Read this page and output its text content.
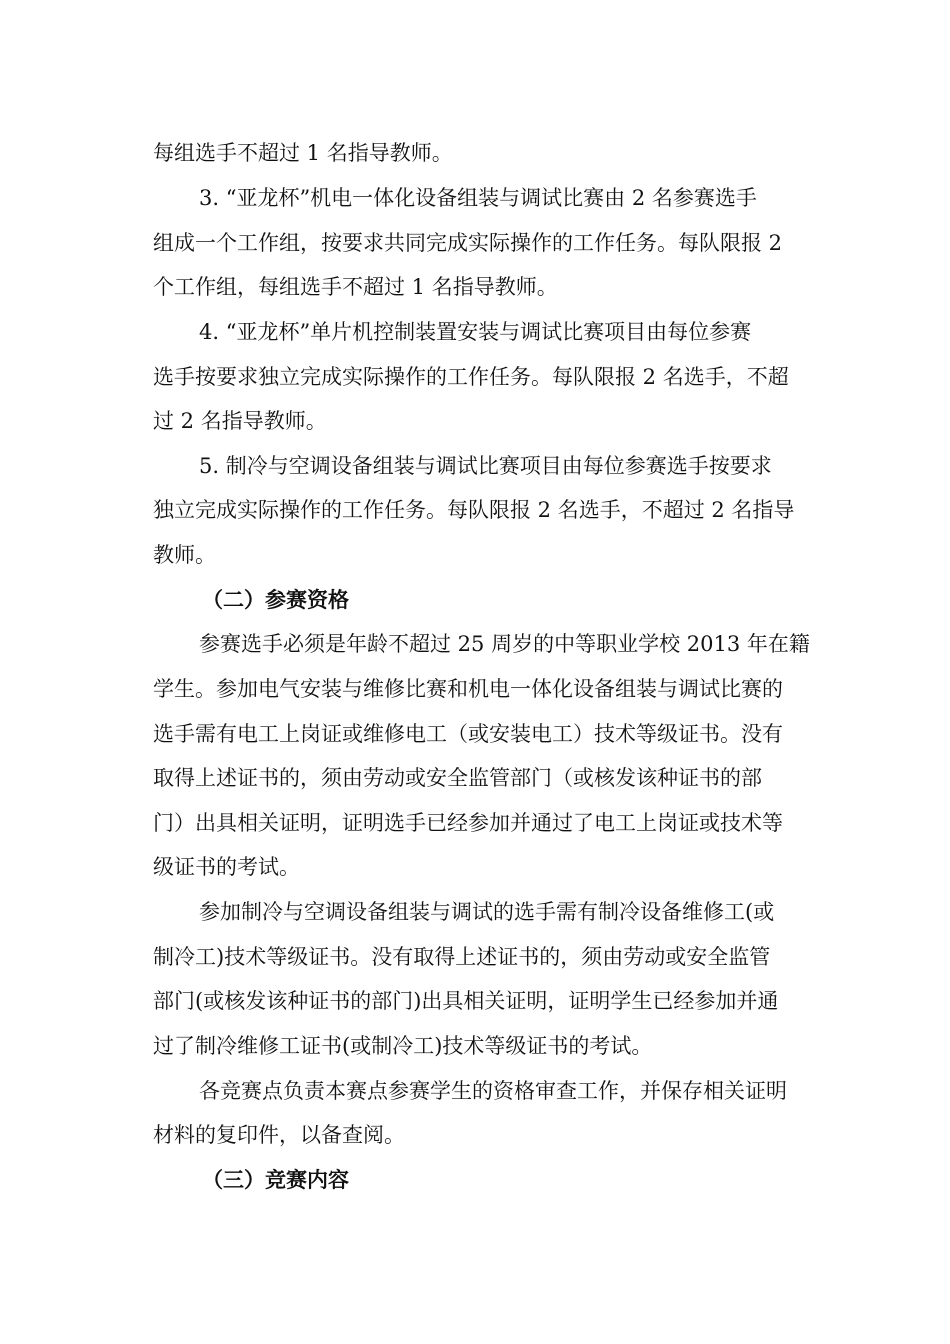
每组选手不超过 1 名指导教师。
3. “亚龙杯”机电一体化设备组装与调试比赛由 2 名参赛选手
组成一个工作组，按要求共同完成实际操作的工作任务。每队限报 2
个工作组，每组选手不超过 1 名指导教师。
4. “亚龙杯”单片机控制装置安装与调试比赛项目由每位参赛
选手按要求独立完成实际操作的工作任务。每队限报 2 名选手，不超
过 2 名指导教师。
5. 制冷与空调设备组装与调试比赛项目由每位参赛选手按要求
独立完成实际操作的工作任务。每队限报 2 名选手，不超过 2 名指导
教师。
（二）参赛资格
参赛选手必须是年龄不超过 25 周岁的中等职业学校 2013 年在籍
学生。参加电气安装与维修比赛和机电一体化设备组装与调试比赛的
选手需有电工上岗证或维修电工（或安装电工）技术等级证书。没有
取得上述证书的，须由劳动或安全监管部门（或核发该种证书的部
门）出具相关证明，证明选手已经参加并通过了电工上岗证或技术等
级证书的考试。
参加制冷与空调设备组装与调试的选手需有制冷设备维修工(或
制冷工)技术等级证书。没有取得上述证书的，须由劳动或安全监管
部门(或核发该种证书的部门)出具相关证明，证明学生已经参加并通
过了制冷维修工证书(或制冷工)技术等级证书的考试。
各竞赛点负责本赛点参赛学生的资格审查工作，并保存相关证明
材料的复印件，以备查阅。
（三）竞赛内容
